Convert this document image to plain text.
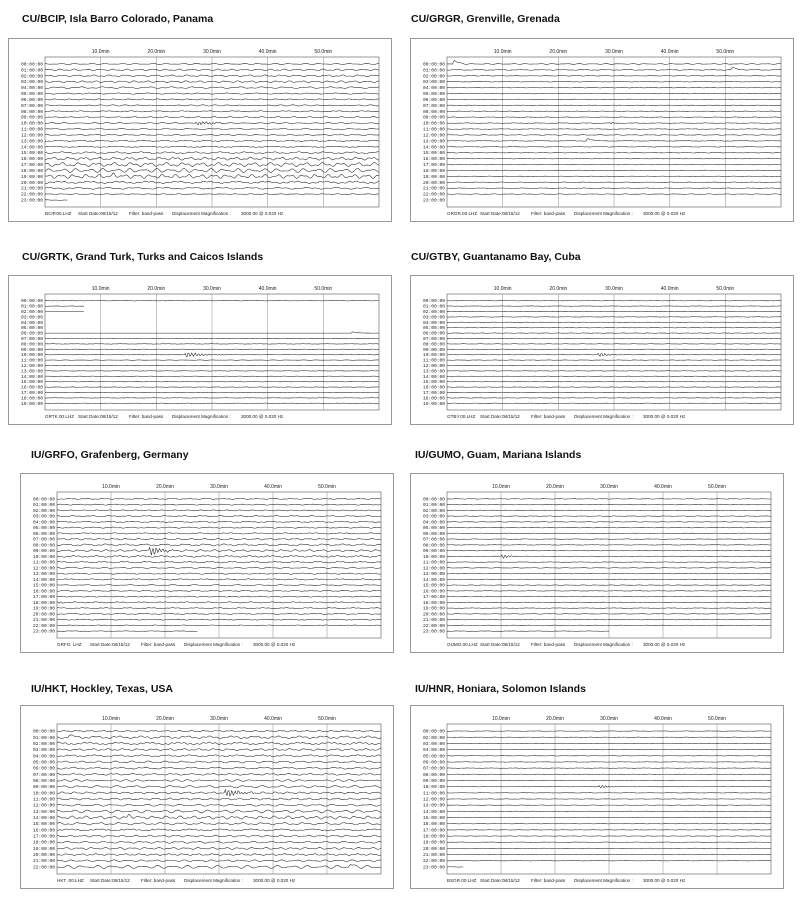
CU/BCIP, Isla Barro Colorado, Panama	CU/GRGR, Grenville, Grenada
CU/GRTK, Grand Turk, Turks and Caicos Islands	CU/GTBY, Guantanamo Bay, Cuba
IU/GRFO, Grafenberg, Germany	IU/GUMO, Guam, Mariana Islands
IU/HKT, Hockley, Texas, USA	IU/HNR, Honiara, Solomon Islands
10.0min	20.0min	30.0min	40.0min	50.0min
00:00:00
01:00:00
02:00:00
03:00:00
04:00:00
05:00:00
06:00:00
07:00:00
08:00:00
09:00:00
10:00:00
11:00:00
12:00:00
13:00:00
14:00:00
15:00:00
16:00:00
17:00:00
18:00:00
19:00:00
20:00:00
21:00:00
22:00:00
23:00:00
BCIP.00.LHZ Start Date:08/15/12 Filter: band-pass Displacement Magnification : 3000.00 @ 0.020 Hz
10.0min	20.0min	30.0min	40.0min	50.0min
00:00:00
01:00:00
02:00:00
03:00:00
04:00:00
05:00:00
06:00:00
07:00:00
08:00:00
09:00:00
10:00:00
11:00:00
12:00:00
13:00:00
14:00:00
15:00:00
16:00:00
17:00:00
18:00:00
19:00:00
20:00:00
21:00:00
22:00:00
23:00:00
GRGR.00.LHZ Start Date:08/15/12 Filter: band-pass Displacement Magnification : 3000.00 @ 0.020 Hz
10.0min	20.0min	30.0min	40.0min	50.0min
00:00:00
01:00:00
02:00:00
03:00:00
04:00:00
05:00:00
06:00:00
07:00:00
08:00:00
09:00:00
10:00:00
11:00:00
12:00:00
13:00:00
14:00:00
15:00:00
16:00:00
17:00:00
18:00:00
19:00:00
GRTK.00.LHZ Start Date:08/15/12 Filter: band-pass Displacement Magnification : 3000.00 @ 0.020 Hz
10.0min	20.0min	30.0min	40.0min	50.0min
00:00:00
01:00:00
02:00:00
03:00:00
04:00:00
05:00:00
06:00:00
07:00:00
08:00:00
09:00:00
10:00:00
11:00:00
12:00:00
13:00:00
14:00:00
15:00:00
16:00:00
17:00:00
18:00:00
19:00:00
GTBY.00.LHZ Start Date:08/15/12 Filter: band-pass Displacement Magnification : 3000.00 @ 0.020 Hz
10.0min	20.0min	30.0min	40.0min	50.0min
00:00:00
01:00:00
02:00:00
03:00:00
04:00:00
05:00:00
06:00:00
07:00:00
08:00:00
09:00:00
10:00:00
11:00:00
12:00:00
13:00:00
14:00:00
15:00:00
16:00:00
17:00:00
18:00:00
19:00:00
20:00:00
21:00:00
22:00:00
23:00:00
GRFO. LHZ Start Date:08/15/12 Filter: band-pass Displacement Magnification : 3000.00 @ 0.020 Hz
10.0min	20.0min	30.0min	40.0min	50.0min
00:00:00
01:00:00
02:00:00
03:00:00
04:00:00
05:00:00
06:00:00
07:00:00
08:00:00
09:00:00
10:00:00
11:00:00
12:00:00
13:00:00
14:00:00
15:00:00
16:00:00
17:00:00
18:00:00
19:00:00
20:00:00
21:00:00
22:00:00
23:00:00
GUMO.00.LHZ Start Date:08/15/12 Filter: band-pass Displacement Magnification : 3000.00 @ 0.020 Hz
10.0min	20.0min	30.0min	40.0min	50.0min
00:00:00
01:00:00
02:00:00
03:00:00
04:00:00
05:00:00
06:00:00
07:00:00
08:00:00
09:00:00
10:00:00
11:00:00
12:00:00
13:00:00
14:00:00
15:00:00
16:00:00
17:00:00
18:00:00
19:00:00
20:00:00
21:00:00
22:00:00
HKT .00.LHZ Start Date:08/15/12 Filter: band-pass Displacement Magnification : 3000.00 @ 0.020 Hz
10.0min	20.0min	30.0min	40.0min	50.0min
00:00:00
02:00:00
03:00:00
04:00:00
05:00:00
06:00:00
07:00:00
08:00:00
09:00:00
10:00:00
11:00:00
12:00:00
13:00:00
14:00:00
15:00:00
16:00:00
17:00:00
18:00:00
19:00:00
20:00:00
21:00:00
22:00:00
23:00:00
BSGR.00.LHZ Start Date:08/15/12 Filter: band-pass Displacement Magnification : 3000.00 @ 0.020 Hz
